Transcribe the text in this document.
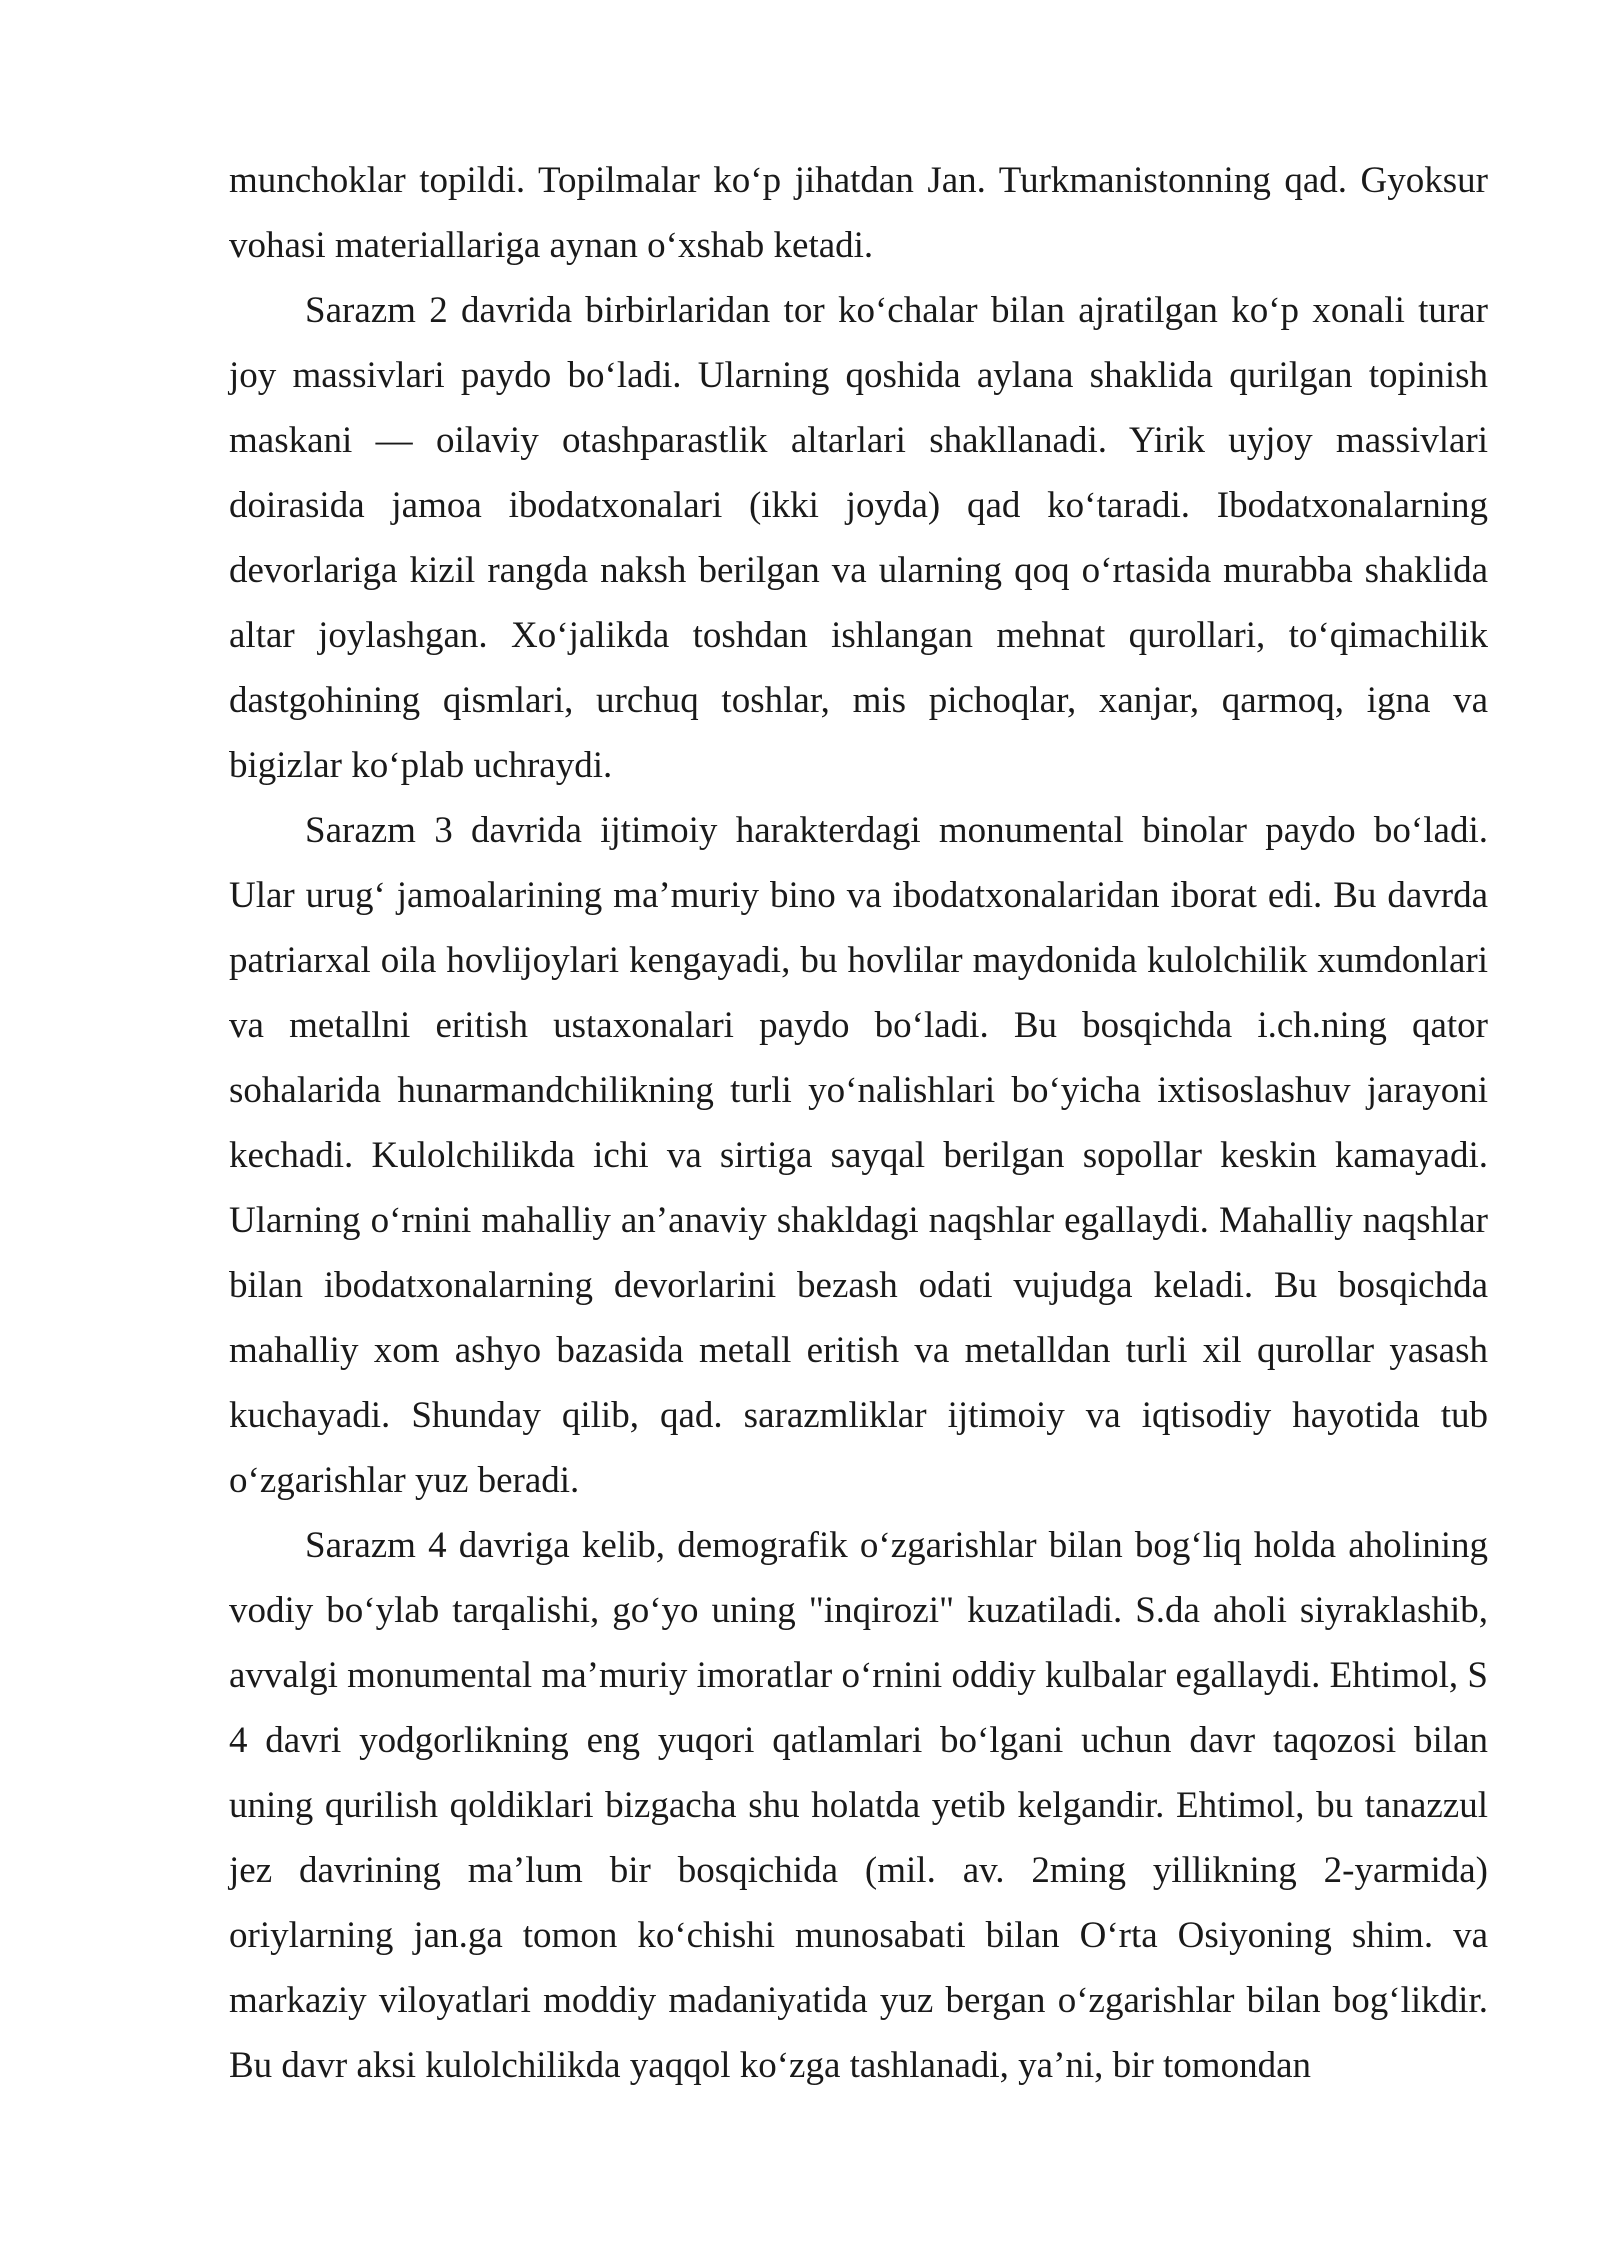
munchoklar topildi. Topilmalar ko‘p jihatdan Jan. Turkmanistonning qad. Gyoksur vohasi materiallariga aynan o‘xshab ketadi.

Sarazm 2 davrida birbirlaridan tor ko‘chalar bilan ajratilgan ko‘p xonali turar joy massivlari paydo bo‘ladi. Ularning qoshida aylana shaklida qurilgan topinish maskani — oilaviy otashparastlik altarlari shakllanadi. Yirik uyjoy massivlari doirasida jamoa ibodatxonalari (ikki joyda) qad ko‘taradi. Ibodatxonalarning devorlariga kizil rangda naksh berilgan va ularning qoq o‘rtasida murabba shaklida altar joylashgan. Xo‘jalikda toshdan ishlangan mehnat qurollari, to‘qimachilik dastgohining qismlari, urchuq toshlar, mis pichoqlar, xanjar, qarmoq, igna va bigizlar ko‘plab uchraydi.

Sarazm 3 davrida ijtimoiy harakterdagi monumental binolar paydo bo‘ladi. Ular urug‘ jamoalarining ma’muriy bino va ibodatxonalaridan iborat edi. Bu davrda patriarxal oila hovlijoylari kengayadi, bu hovlilar maydonida kulolchilik xumdonlari va metallni eritish ustaxonalari paydo bo‘ladi. Bu bosqichda i.ch.ning qator sohalarida hunarmandchilikning turli yo‘nalishlari bo‘yicha ixtisoslashuv jarayoni kechadi. Kulolchilikda ichi va sirtiga sayqal berilgan sopollar keskin kamayadi. Ularning o‘rnini mahalliy an’anaviy shakldagi naqshlar egallaydi. Mahalliy naqshlar bilan ibodatxonalarning devorlarini bezash odati vujudga keladi. Bu bosqichda mahalliy xom ashyo bazasida metall eritish va metalldan turli xil qurollar yasash kuchayadi. Shunday qilib, qad. sarazmliklar ijtimoiy va iqtisodiy hayotida tub o‘zgarishlar yuz beradi.

Sarazm 4 davriga kelib, demografik o‘zgarishlar bilan bog‘liq holda aholining vodiy bo‘ylab tarqalishi, go‘yo uning "inqirozi" kuzatiladi. S.da aholi siyraklashib, avvalgi monumental ma’muriy imoratlar o‘rnini oddiy kulbalar egallaydi. Ehtimol, S 4 davri yodgorlikning eng yuqori qatlamlari bo‘lgani uchun davr taqozosi bilan uning qurilish qoldiklari bizgacha shu holatda yetib kelgandir. Ehtimol, bu tanazzul jez davrining ma’lum bir bosqichida (mil. av. 2ming yillikning 2-yarmida) oriylarning jan.ga tomon ko‘chishi munosabati bilan O‘rta Osiyoning shim. va markaziy viloyatlari moddiy madaniyatida yuz bergan o‘zgarishlar bilan bog‘likdir. Bu davr aksi kulolchilikda yaqqol ko‘zga tashlanadi, ya’ni, bir tomondan
